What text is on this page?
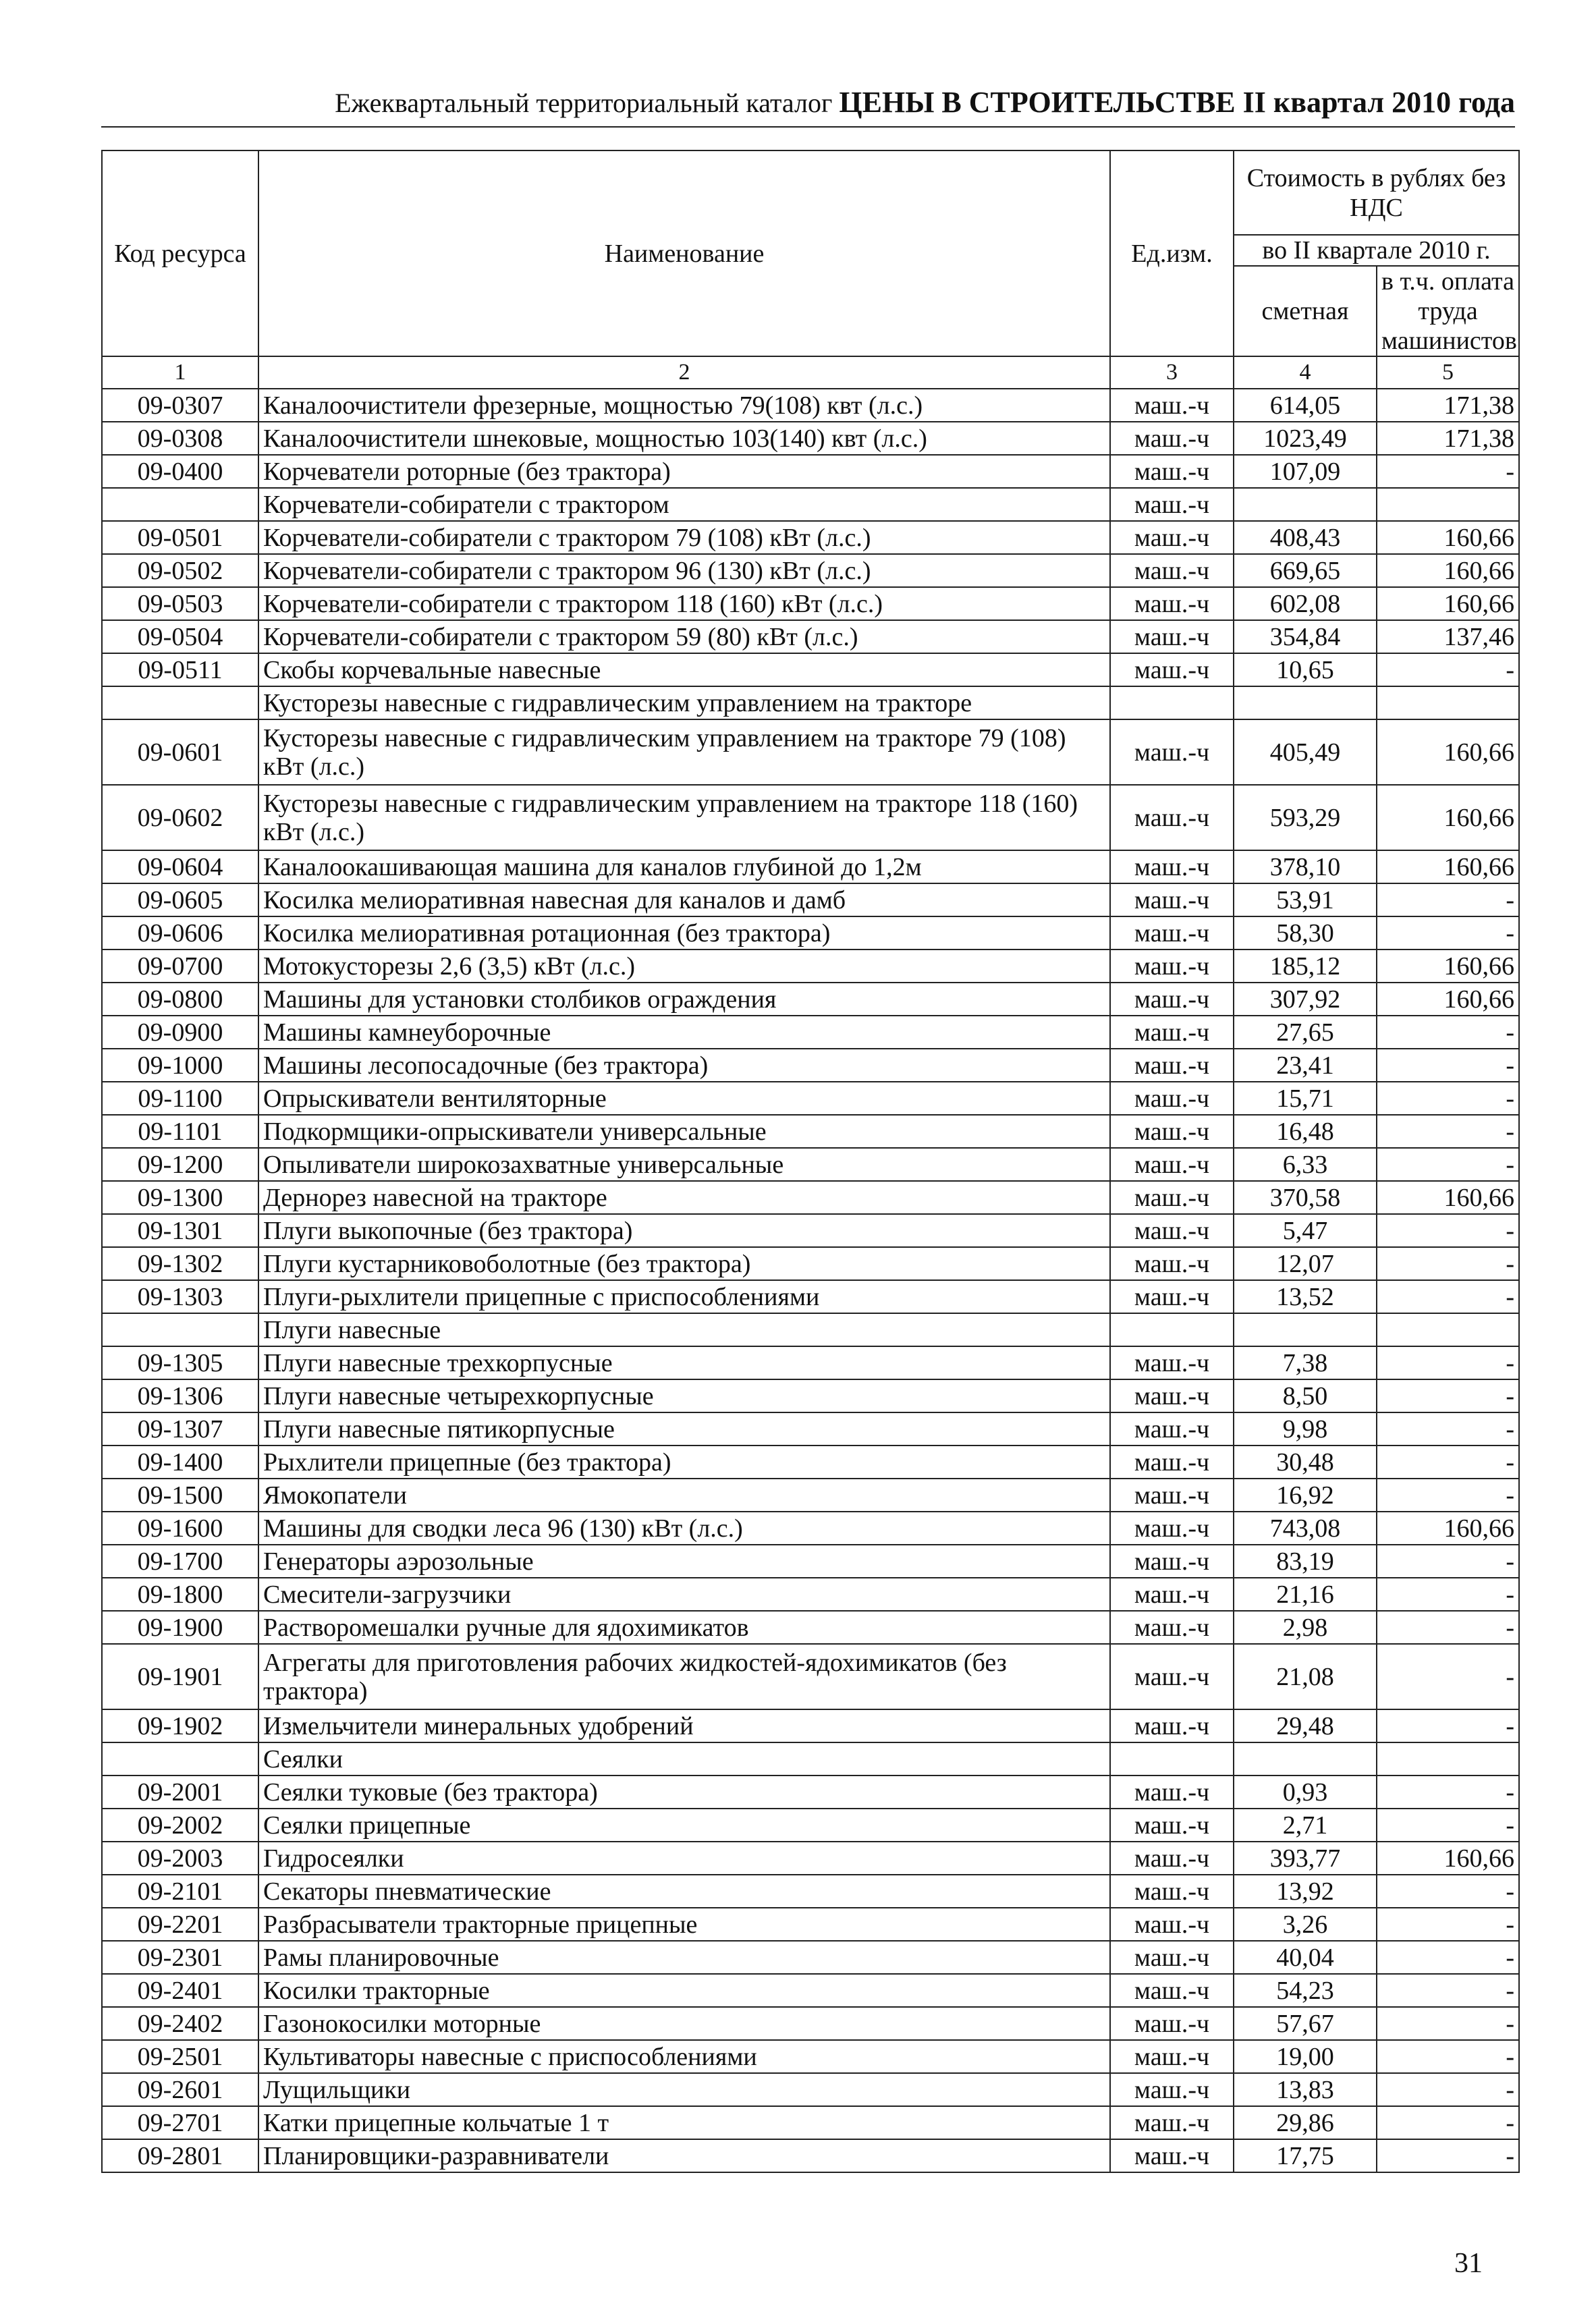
Ежеквартальный территориальный каталог ЦЕНЫ В СТРОИТЕЛЬСТВЕ II квартал 2010 года
Код ресурса	Наименование	Ед.изм.	Стоимость в рублях без НДС	
			во II квартале 2010 г.	
			сметная	в т.ч. оплата труда машинистов
1	2	3	4	5
09-0307	Каналоочистители фрезерные, мощностью 79(108) квт (л.с.)	маш.-ч	614,05	171,38
09-0308	Каналоочистители шнековые, мощностью 103(140) квт (л.с.)	маш.-ч	1023,49	171,38
09-0400	Корчеватели роторные (без трактора)	маш.-ч	107,09	-
	Корчеватели-собиратели с трактором	маш.-ч		
09-0501	Корчеватели-собиратели с трактором 79 (108) кВт (л.с.)	маш.-ч	408,43	160,66
09-0502	Корчеватели-собиратели с трактором 96 (130) кВт (л.с.)	маш.-ч	669,65	160,66
09-0503	Корчеватели-собиратели с трактором 118 (160) кВт (л.с.)	маш.-ч	602,08	160,66
09-0504	Корчеватели-собиратели с трактором 59 (80) кВт (л.с.)	маш.-ч	354,84	137,46
09-0511	Скобы корчевальные навесные	маш.-ч	10,65	-
	Кусторезы навесные с гидравлическим управлением на тракторе			
09-0601	Кусторезы навесные с гидравлическим управлением на тракторе 79 (108) кВт (л.с.)	маш.-ч	405,49	160,66
09-0602	Кусторезы навесные с гидравлическим управлением на тракторе 118 (160) кВт (л.с.)	маш.-ч	593,29	160,66
09-0604	Каналоокашивающая машина для каналов глубиной до 1,2м	маш.-ч	378,10	160,66
09-0605	Косилка мелиоративная навесная для каналов и дамб	маш.-ч	53,91	-
09-0606	Косилка мелиоративная ротационная (без трактора)	маш.-ч	58,30	-
09-0700	Мотокусторезы 2,6 (3,5) кВт (л.с.)	маш.-ч	185,12	160,66
09-0800	Машины для установки столбиков ограждения	маш.-ч	307,92	160,66
09-0900	Машины камнеуборочные	маш.-ч	27,65	-
09-1000	Машины лесопосадочные (без трактора)	маш.-ч	23,41	-
09-1100	Опрыскиватели вентиляторные	маш.-ч	15,71	-
09-1101	Подкормщики-опрыскиватели универсальные	маш.-ч	16,48	-
09-1200	Опыливатели широкозахватные универсальные	маш.-ч	6,33	-
09-1300	Дернорез навесной на тракторе	маш.-ч	370,58	160,66
09-1301	Плуги выкопочные (без трактора)	маш.-ч	5,47	-
09-1302	Плуги кустарниковоболотные (без трактора)	маш.-ч	12,07	-
09-1303	Плуги-рыхлители прицепные с приспособлениями	маш.-ч	13,52	-
	Плуги навесные			
09-1305	Плуги навесные трехкорпусные	маш.-ч	7,38	-
09-1306	Плуги навесные четырехкорпусные	маш.-ч	8,50	-
09-1307	Плуги навесные пятикорпусные	маш.-ч	9,98	-
09-1400	Рыхлители прицепные (без трактора)	маш.-ч	30,48	-
09-1500	Ямокопатели	маш.-ч	16,92	-
09-1600	Машины для сводки леса 96 (130) кВт (л.с.)	маш.-ч	743,08	160,66
09-1700	Генераторы аэрозольные	маш.-ч	83,19	-
09-1800	Смесители-загрузчики	маш.-ч	21,16	-
09-1900	Растворомешалки ручные для ядохимикатов	маш.-ч	2,98	-
09-1901	Агрегаты для приготовления рабочих жидкостей-ядохимикатов (без трактора)	маш.-ч	21,08	-
09-1902	Измельчители минеральных удобрений	маш.-ч	29,48	-
	Сеялки			
09-2001	Сеялки туковые (без трактора)	маш.-ч	0,93	-
09-2002	Сеялки прицепные	маш.-ч	2,71	-
09-2003	Гидросеялки	маш.-ч	393,77	160,66
09-2101	Секаторы пневматические	маш.-ч	13,92	-
09-2201	Разбрасыватели тракторные прицепные	маш.-ч	3,26	-
09-2301	Рамы планировочные	маш.-ч	40,04	-
09-2401	Косилки тракторные	маш.-ч	54,23	-
09-2402	Газонокосилки моторные	маш.-ч	57,67	-
09-2501	Культиваторы навесные с приспособлениями	маш.-ч	19,00	-
09-2601	Лущильщики	маш.-ч	13,83	-
09-2701	Катки прицепные кольчатые 1 т	маш.-ч	29,86	-
09-2801	Планировщики-разравниватели	маш.-ч	17,75	-
31
